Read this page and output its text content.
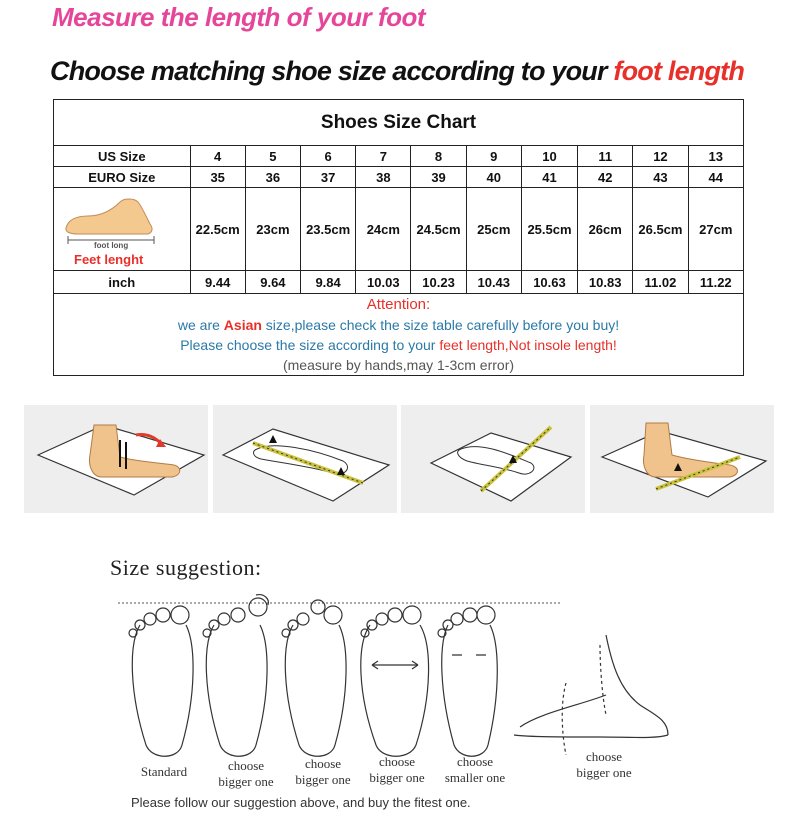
Measure the length of your foot
Choose matching shoe size according to your foot length
Shoes Size Chart										
US Size	4	5	6	7	8	9	10	11	12	13
EURO Size	35	36	37	38	39	40	41	42	43	44

foot long
Feet lenght	22.5cm	23cm	23.5cm	24cm	24.5cm	25cm	25.5cm	26cm	26.5cm	27cm
inch	9.44	9.64	9.84	10.03	10.23	10.43	10.63	10.83	11.02	11.22

Attention:
we are Asian size,please check the size table carefully before you buy!
Please choose the size according to your feet length,Not insole length!
(measure by hands,may 1-3cm error)										
Size suggestion:
Standard	choose
bigger one
choose
bigger one
choose
bigger one
choose
smaller one
choose
bigger one
Please follow our suggestion above, and buy the fitest one.
